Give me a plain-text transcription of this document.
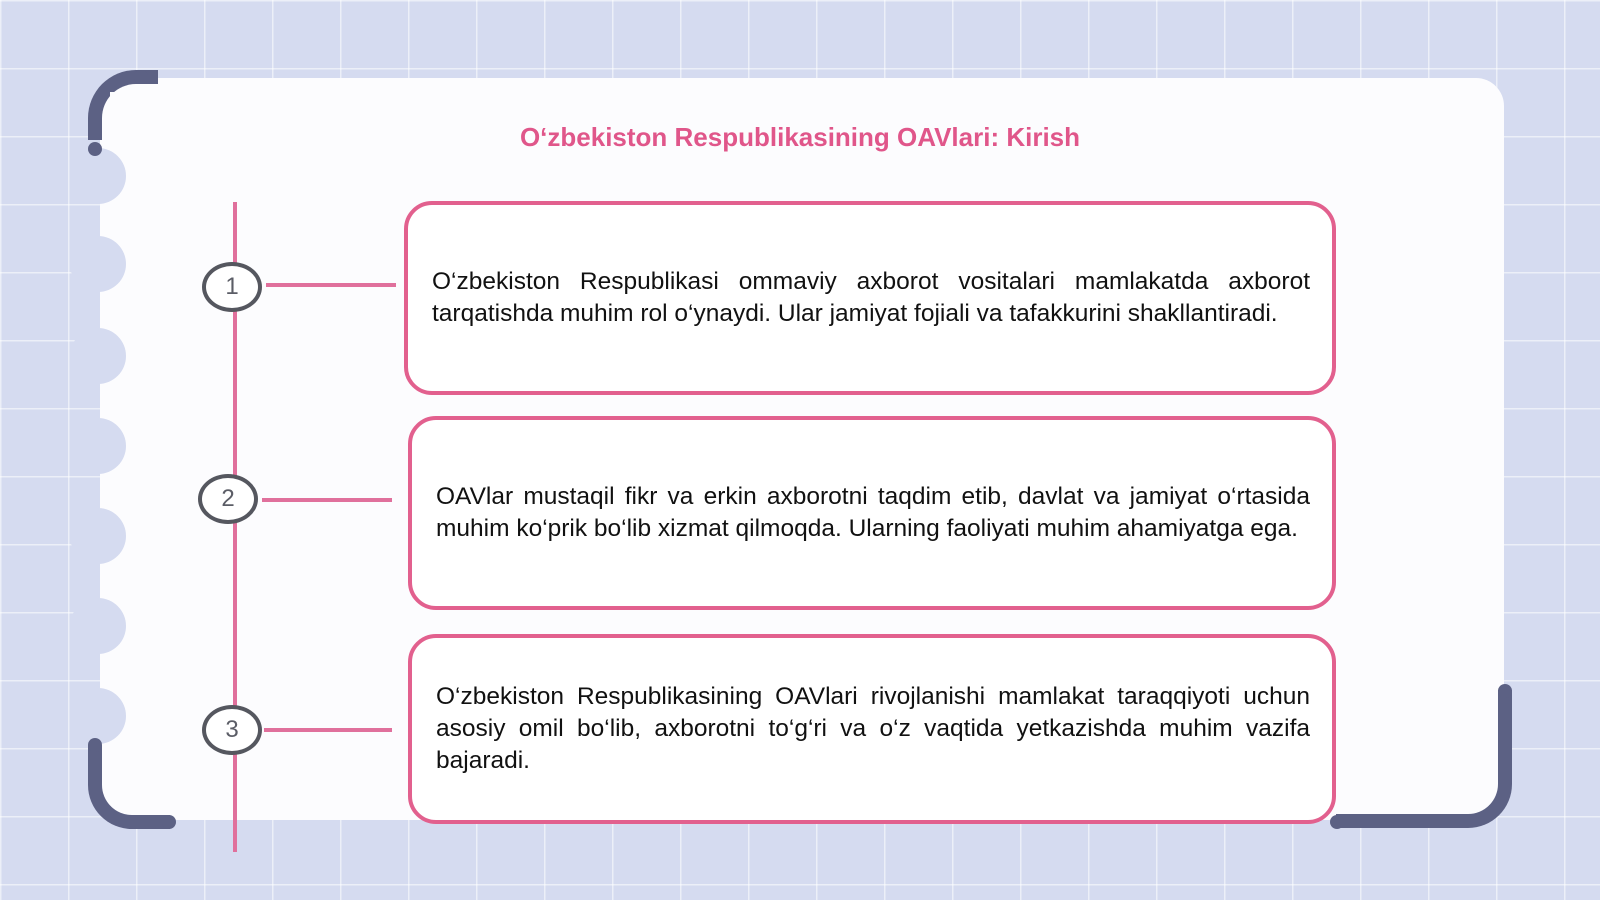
O‘zbekiston Respublikasining OAVlari: Kirish
1	O‘zbekiston Respublikasi ommaviy axborot vositalari mamlakatda axborot tarqatishda muhim rol o‘ynaydi. Ular jamiyat fojiali va tafakkurini shakllantiradi.

2	OAVlar mustaqil fikr va erkin axborotni taqdim etib, davlat va jamiyat o‘rtasida muhim ko‘prik bo‘lib xizmat qilmoqda. Ularning faoliyati muhim ahamiyatga ega.

3

O‘zbekiston Respublikasining OAVlari rivojlanishi mamlakat taraqqiyoti uchun asosiy omil bo‘lib, axborotni to‘g‘ri va o‘z vaqtida yetkazishda muhim vazifa bajaradi.
